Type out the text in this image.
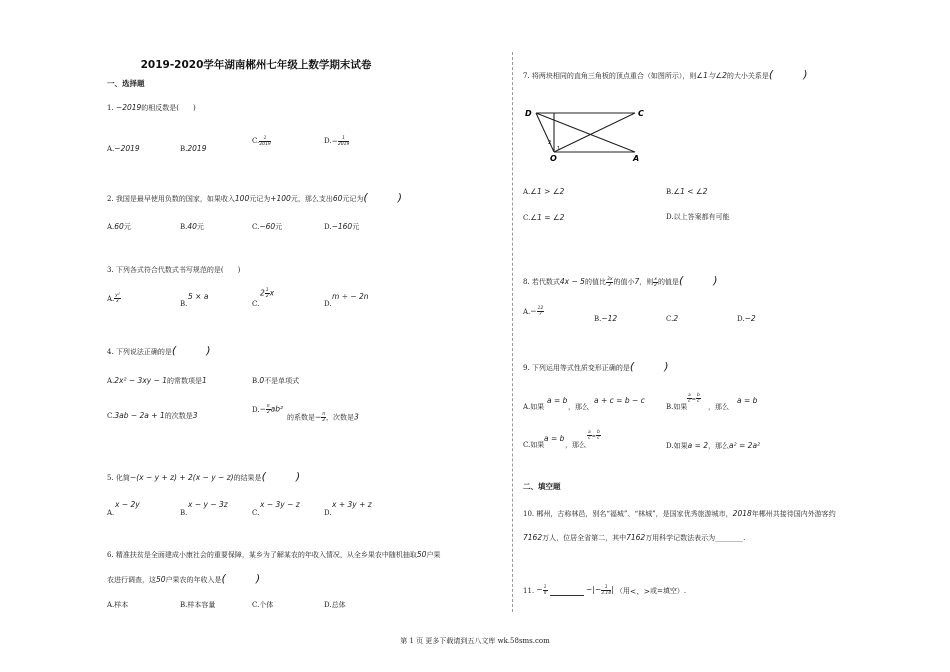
2019-2020学年湖南郴州七年级上数学期末试卷
一、选择题
1. −2019的相反数是(　　)
A.−2019	B.2019
C. $\frac{1}{2019}$	$D.- \frac{1}{2019}$
2. 我国是最早使用负数的国家，如果收入100元记为+100元，那么支出60元记为(	)
A.60元	B.40元	C.−60元	D.−160元
3. 下列各式符合代数式书写规范的是(　　)
A. $\frac{\text{y²}}{x}$	B.
5 × a
C.
$2 \frac{1}{2}$ x
D.
m ÷ − 2n
4. 下列说法正确的是(	)
A.2x² − 3xy − 1的常数项是1	B.0不是单项式
C.3ab − 2a + 1的次数是3
$D.- \frac{\pi}{2} ab^2$
的系数是− $\frac{\pi}{2}$ ，次数是3
5. 化简−(x − y + z) + 2(x − y − z)的结果是(	)
A.
x − 2y
B.
x − y − 3z
C.
x − 3y − z
D.
x + 3y + z
6. 精准扶贫是全面建成小康社会的重要保障，某乡为了解某农的年收入情况，从全乡果农中随机抽取50户果
农进行调查，这50户果农的年收入是(	)
A.样本	B.样本容量	C.个体	D.总体
7. 将两块相同的直角三角板的顶点重合（如图所示），则∠1与∠2的大小关系是(	)
D	C
O	A
1
2
A.∠1 > ∠2	B.∠1 < ∠2
C.∠1 = ∠2	D.以上答案都有可能
8. 若代数式4x − 5的值比 $\frac{3x}{2}$ 的值小7，则 $\frac{x}{2}$ 的值是(	)
$A.- \frac{12}{7}$
B.−12	C.2	D.−2
9. 下列运用等式性质变形正确的是(	)
A.如果
a = b
，那么
a + c = b − c
B.如果
$\frac{a}{c} = \frac{b}{c}$
，那么
a = b
C.如果
a = b
，那么
$\frac{a}{c} = \frac{b}{c}$
D.如果a = 2，那么a² = 2a²
二、填空题
10. 郴州，古称林邑，别名“福城”、“林城”，是国家优秀旅游城市，2018年郴州共接待国内外游客约
7162万人，位居全省第二，其中7162万用科学记数法表示为________.
11. − $\frac{1}{\pi}$	−|− $\frac{1}{3.14}$ | （用<、>或=填空）.
第 1 页 更多下载请到五八文库 wk.58sms.com
